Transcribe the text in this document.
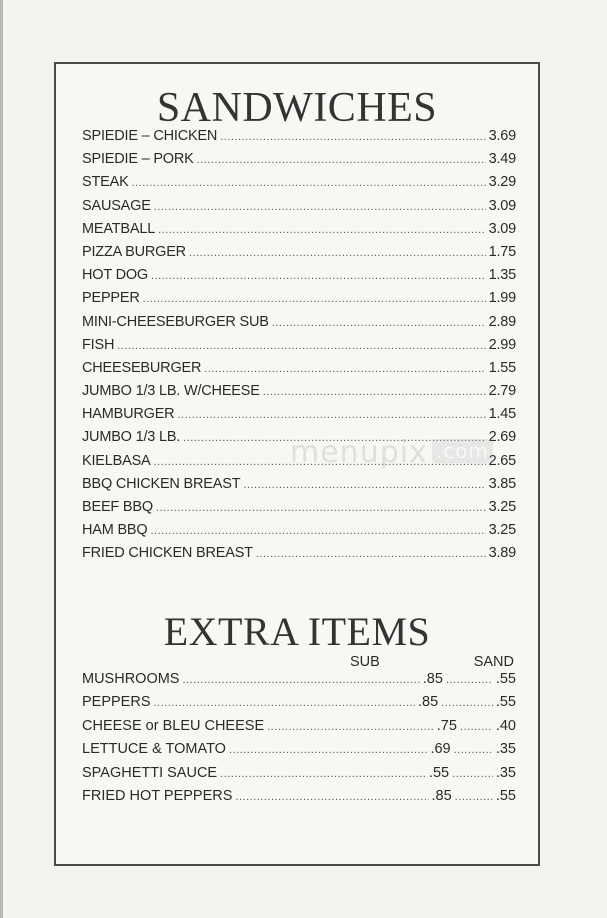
SANDWICHES
SPIEDIE – CHICKEN .....	3.69
SPIEDIE – PORK .....	3.49
STEAK .....	3.29
SAUSAGE .....	3.09
MEATBALL .....	3.09
PIZZA BURGER .....	1.75
HOT DOG .....	1.35
PEPPER .....	1.99
MINI-CHEESEBURGER SUB .....	2.89
FISH .....	2.99
CHEESEBURGER .....	1.55
JUMBO 1/3 LB. W/CHEESE .....	2.79
HAMBURGER .....	1.45
JUMBO 1/3 LB. .....	2.69
KIELBASA .....	2.65
BBQ CHICKEN BREAST .....	3.85
BEEF BBQ .....	3.25
HAM BBQ .....	3.25
FRIED CHICKEN BREAST .....	3.89
EXTRA ITEMS
SUB	SAND
MUSHROOMS .....	.85 .....	.55
PEPPERS .....	.85 .....	.55
CHEESE or BLEU CHEESE .....	.75 .....	.40
LETTUCE & TOMATO .....	.69 .....	.35
SPAGHETTI SAUCE .....	.55 .....	.35
FRIED HOT PEPPERS .....	.85 .....	.55
menupix .com
